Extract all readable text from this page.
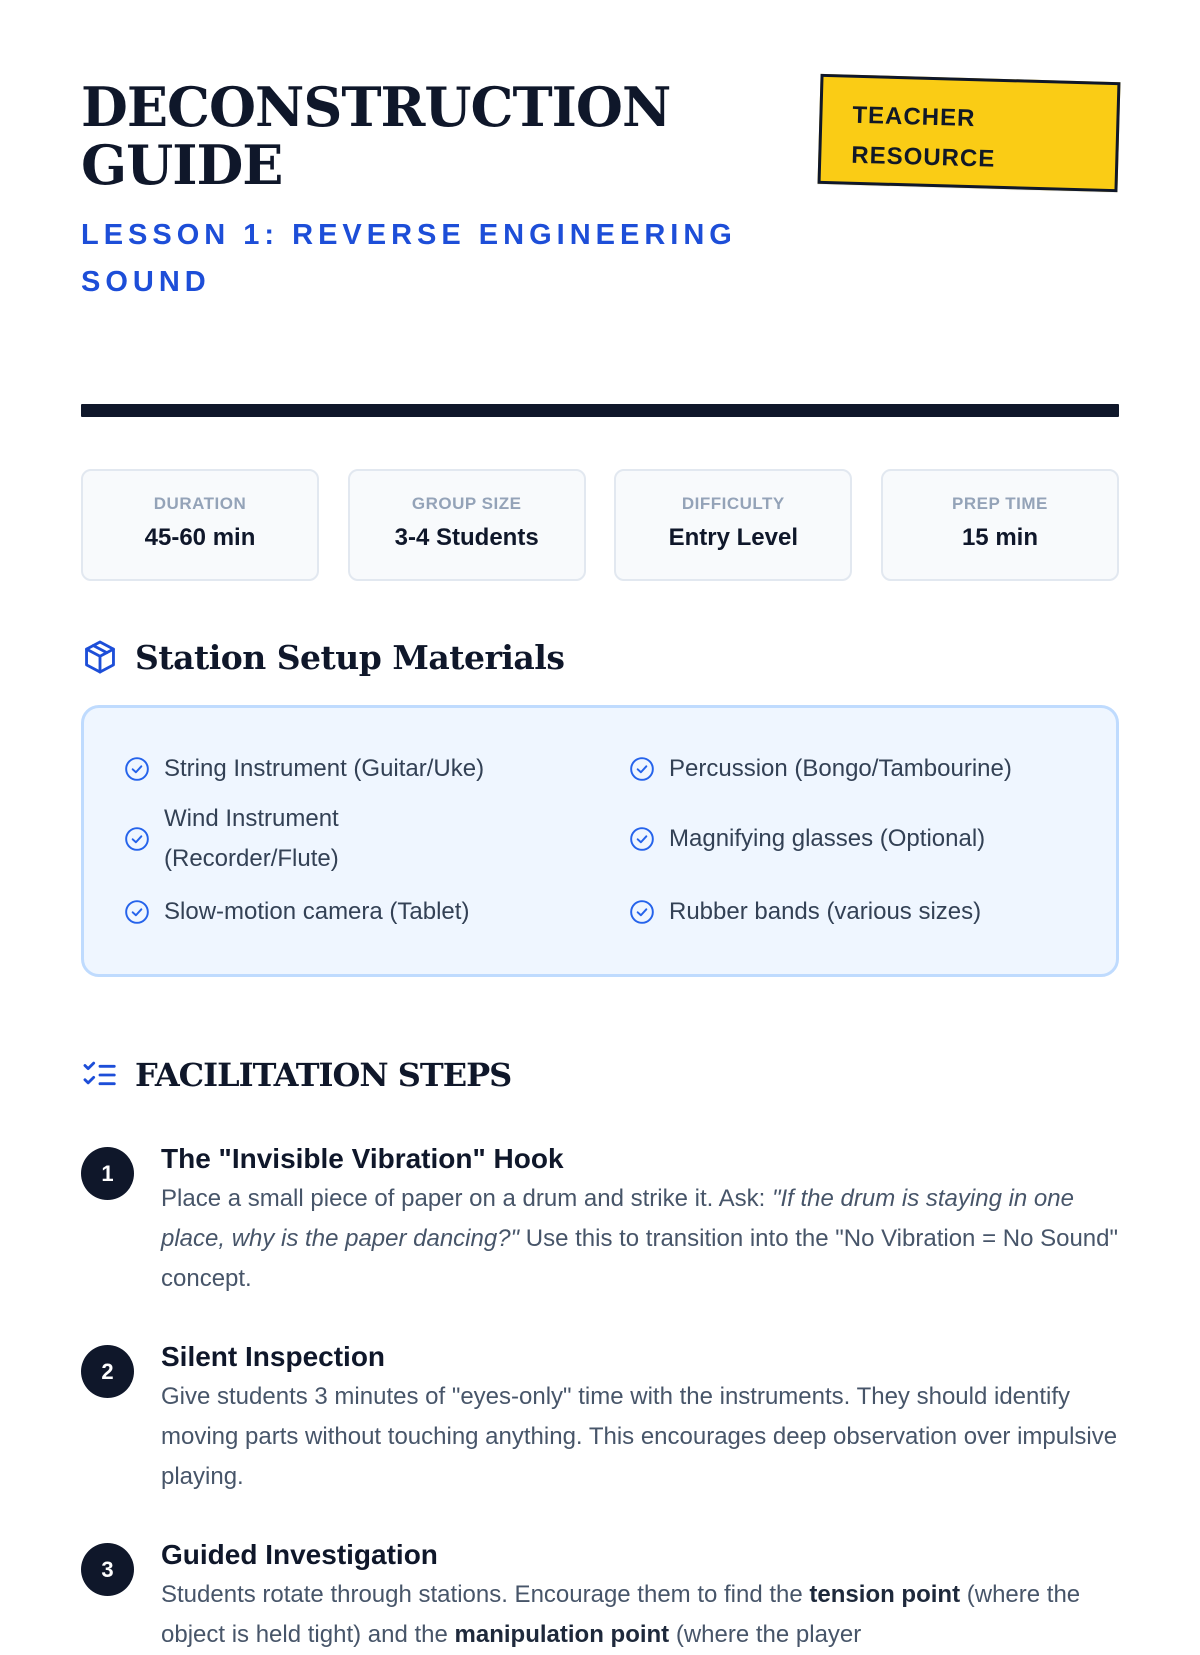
DECONSTRUCTION
GUIDE
LESSON 1: REVERSE ENGINEERING
SOUND
TEACHER
RESOURCE
DURATION
45-60 min
GROUP SIZE
3-4 Students
DIFFICULTY
Entry Level
PREP TIME
15 min
Station Setup Materials
String Instrument (Guitar/Uke)	Percussion (Bongo/Tambourine)
Wind Instrument (Recorder/Flute)
Magnifying glasses (Optional)
Slow-motion camera (Tablet)	Rubber bands (various sizes)
FACILITATION STEPS
1	The "Invisible Vibration" Hook
Place a small piece of paper on a drum and strike it. Ask: "If the drum is staying in one place, why is the paper dancing?" Use this to transition into the "No Vibration = No Sound" concept.
2	Silent Inspection
Give students 3 minutes of "eyes-only" time with the instruments. They should identify moving parts without touching anything. This encourages deep observation over impulsive playing.
3	Guided Investigation
Students rotate through stations. Encourage them to find the tension point (where the object is held tight) and the manipulation point (where the player
